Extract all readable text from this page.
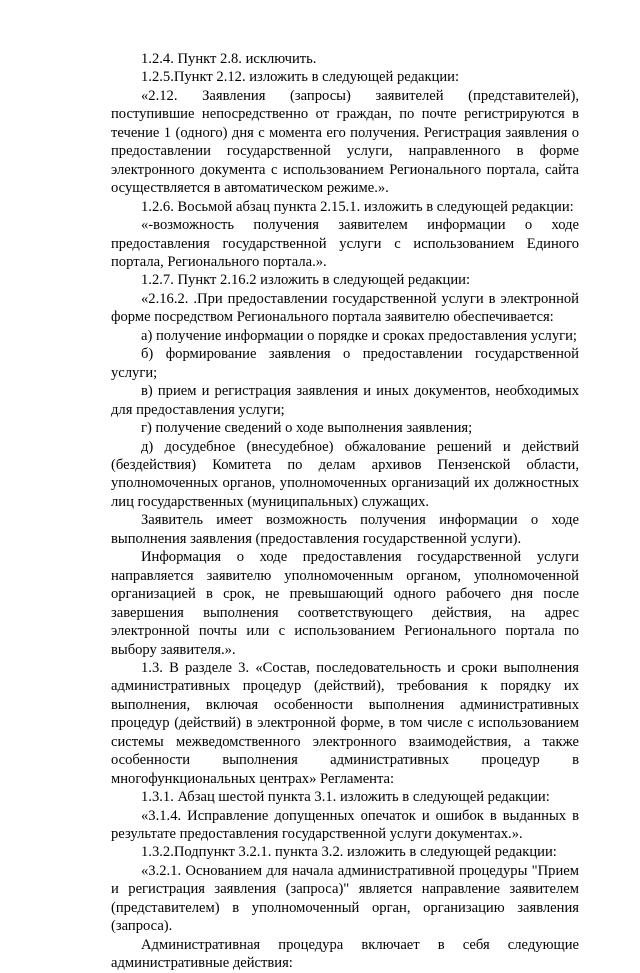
1.2.4. Пункт 2.8. исключить.

1.2.5.Пункт 2.12. изложить в следующей редакции:

«2.12. Заявления (запросы) заявителей (представителей), поступившие непосредственно от граждан, по почте регистрируются в течение 1 (одного) дня с момента его получения. Регистрация заявления о предоставлении государственной услуги, направленного в форме электронного документа с использованием Регионального портала, сайта осуществляется в автоматическом режиме.».

1.2.6. Восьмой абзац пункта 2.15.1. изложить в следующей редакции:

«-возможность получения заявителем информации о ходе предоставления государственной услуги с использованием Единого портала, Регионального портала.».

1.2.7. Пункт 2.16.2 изложить в следующей редакции:

«2.16.2. .При предоставлении государственной услуги в электронной форме посредством Регионального портала заявителю обеспечивается:

а) получение информации о порядке и сроках предоставления услуги;

б) формирование заявления о предоставлении государственной услуги;

в) прием и регистрация заявления и иных документов, необходимых для предоставления услуги;

г) получение сведений о ходе выполнения заявления;

д) досудебное (внесудебное) обжалование решений и действий (бездействия) Комитета по делам архивов Пензенской области, уполномоченных органов, уполномоченных организаций их должностных лиц государственных (муниципальных) служащих.

Заявитель имеет возможность получения информации о ходе выполнения заявления (предоставления государственной услуги).

Информация о ходе предоставления государственной услуги направляется заявителю уполномоченным органом, уполномоченной организацией в срок, не превышающий одного рабочего дня после завершения выполнения соответствующего действия, на адрес электронной почты или с использованием Регионального портала по выбору заявителя.».

1.3. В разделе 3. «Состав, последовательность и сроки выполнения административных процедур (действий), требования к порядку их выполнения, включая особенности выполнения административных процедур (действий) в электронной форме, в том числе с использованием системы межведомственного электронного взаимодействия, а также особенности выполнения административных процедур в многофункциональных центрах» Регламента:

1.3.1. Абзац шестой пункта 3.1. изложить в следующей редакции:

«3.1.4. Исправление допущенных опечаток и ошибок в выданных в результате предоставления государственной услуги документах.».

1.3.2.Подпункт 3.2.1. пункта 3.2. изложить в следующей редакции:

«3.2.1. Основанием для начала административной процедуры "Прием и регистрация заявления (запроса)" является направление заявителем (представителем) в уполномоченный орган, организацию заявления (запроса).

Административная процедура включает в себя следующие административные действия:
